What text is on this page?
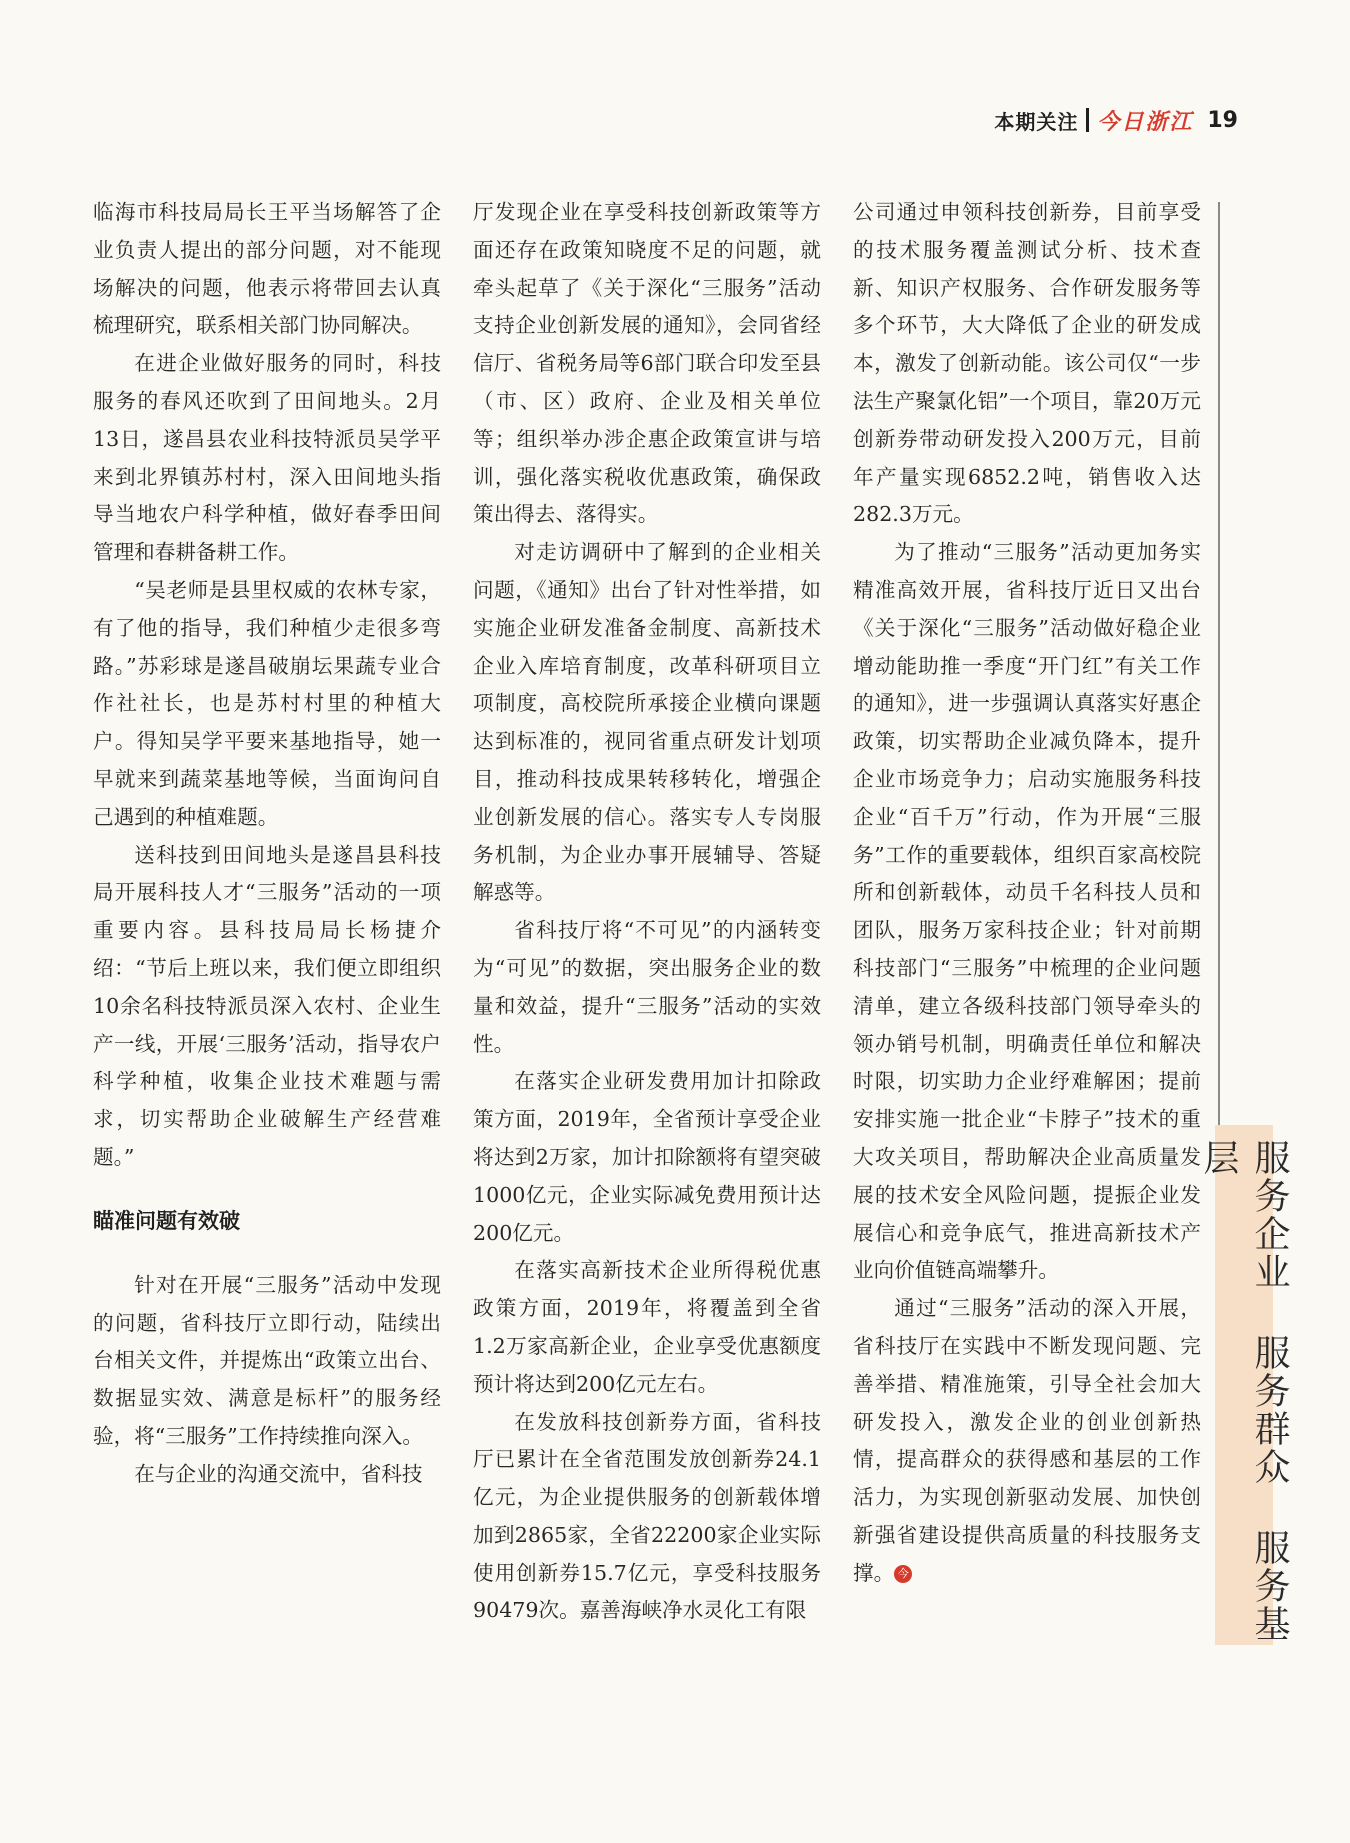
本期关注 今日浙江 19

临海市科技局局长王平当场解答了企业负责人提出的部分问题，对不能现场解决的问题，他表示将带回去认真梳理研究，联系相关部门协同解决。

在进企业做好服务的同时，科技服务的春风还吹到了田间地头。2月13日，遂昌县农业科技特派员吴学平来到北界镇苏村村，深入田间地头指导当地农户科学种植，做好春季田间管理和春耕备耕工作。

“吴老师是县里权威的农林专家，有了他的指导，我们种植少走很多弯路。”苏彩球是遂昌破崩坛果蔬专业合作社社长，也是苏村村里的种植大户。得知吴学平要来基地指导，她一早就来到蔬菜基地等候，当面询问自己遇到的种植难题。

送科技到田间地头是遂昌县科技局开展科技人才“三服务”活动的一项重要内容。县科技局局长杨捷介绍：“节后上班以来，我们便立即组织10余名科技特派员深入农村、企业生产一线，开展‘三服务’活动，指导农户科学种植，收集企业技术难题与需求，切实帮助企业破解生产经营难题。”

瞄准问题有效破

针对在开展“三服务”活动中发现的问题，省科技厅立即行动，陆续出台相关文件，并提炼出“政策立出台、数据显实效、满意是标杆”的服务经验，将“三服务”工作持续推向深入。

在与企业的沟通交流中，省科技

厅发现企业在享受科技创新政策等方面还存在政策知晓度不足的问题，就牵头起草了《关于深化“三服务”活动 支持企业创新发展的通知》，会同省经信厅、省税务局等6部门联合印发至县（市、区）政府、企业及相关单位等；组织举办涉企惠企政策宣讲与培训，强化落实税收优惠政策，确保政策出得去、落得实。

对走访调研中了解到的企业相关问题，《通知》出台了针对性举措，如实施企业研发准备金制度、高新技术企业入库培育制度，改革科研项目立项制度，高校院所承接企业横向课题达到标准的，视同省重点研发计划项目，推动科技成果转移转化，增强企业创新发展的信心。落实专人专岗服务机制，为企业办事开展辅导、答疑解惑等。

省科技厅将“不可见”的内涵转变为“可见”的数据，突出服务企业的数量和效益，提升“三服务”活动的实效性。

在落实企业研发费用加计扣除政策方面，2019年，全省预计享受企业将达到2万家，加计扣除额将有望突破1000亿元，企业实际减免费用预计达200亿元。

在落实高新技术企业所得税优惠政策方面，2019年，将覆盖到全省1.2万家高新企业，企业享受优惠额度预计将达到200亿元左右。

在发放科技创新券方面，省科技厅已累计在全省范围发放创新券24.1亿元，为企业提供服务的创新载体增加到2865家，全省22200家企业实际使用创新券15.7亿元，享受科技服务90479次。嘉善海峡净水灵化工有限

公司通过申领科技创新券，目前享受的技术服务覆盖测试分析、技术查新、知识产权服务、合作研发服务等多个环节，大大降低了企业的研发成本，激发了创新动能。该公司仅“一步法生产聚氯化铝”一个项目，靠20万元创新券带动研发投入200万元，目前年产量实现6852.2吨，销售收入达282.3万元。

为了推动“三服务”活动更加务实精准高效开展，省科技厅近日又出台《关于深化“三服务”活动做好稳企业增动能助推一季度“开门红”有关工作的通知》，进一步强调认真落实好惠企政策，切实帮助企业减负降本，提升企业市场竞争力；启动实施服务科技企业“百千万”行动，作为开展“三服务”工作的重要载体，组织百家高校院所和创新载体，动员千名科技人员和团队，服务万家科技企业；针对前期科技部门“三服务”中梳理的企业问题清单，建立各级科技部门领导牵头的领办销号机制，明确责任单位和解决时限，切实助力企业纾难解困；提前安排实施一批企业“卡脖子”技术的重大攻关项目，帮助解决企业高质量发展的技术安全风险问题，提振企业发展信心和竞争底气，推进高新技术产业向价值链高端攀升。

通过“三服务”活动的深入开展，省科技厅在实践中不断发现问题、完善举措、精准施策，引导全社会加大研发投入，激发企业的创业创新热情，提高群众的获得感和基层的工作活力，为实现创新驱动发展、加快创新强省建设提供高质量的科技服务支撑。 今	服务企业 服务群众 服务基层
